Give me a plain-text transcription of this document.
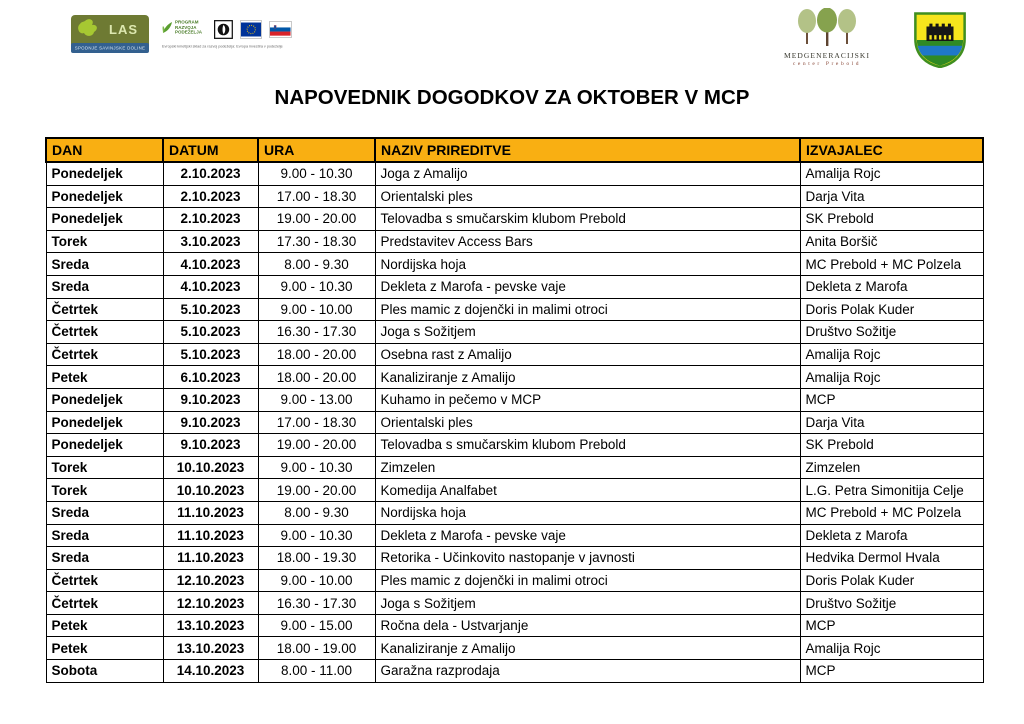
LAS
SPODNJE SAVINJSKE DOLINE
PROGRAM RAZVOJA PODEŽELJA
Evropski kmetijski sklad za razvoj podeželja: Evropa investira v podeželje
MEDGENERACIJSKI
center Prebold
NAPOVEDNIK DOGODKOV ZA OKTOBER V MCP
DAN	DATUM	URA	NAZIV PRIREDITVE	IZVAJALEC
Ponedeljek	2.10.2023	9.00 - 10.30	Joga z Amalijo	Amalija Rojc
Ponedeljek	2.10.2023	17.00 - 18.30	Orientalski ples	Darja Vita
Ponedeljek	2.10.2023	19.00 - 20.00	Telovadba s smučarskim klubom Prebold	SK Prebold
Torek	3.10.2023	17.30 - 18.30	Predstavitev Access Bars	Anita Boršič
Sreda	4.10.2023	8.00 - 9.30	Nordijska hoja	MC Prebold + MC Polzela
Sreda	4.10.2023	9.00 - 10.30	Dekleta z Marofa - pevske vaje	Dekleta z Marofa
Četrtek	5.10.2023	9.00 - 10.00	Ples mamic z dojenčki in malimi otroci	Doris Polak Kuder
Četrtek	5.10.2023	16.30 - 17.30	Joga s Sožitjem	Društvo Sožitje
Četrtek	5.10.2023	18.00 - 20.00	Osebna rast z Amalijo	Amalija Rojc
Petek	6.10.2023	18.00 - 20.00	Kanaliziranje z Amalijo	Amalija Rojc
Ponedeljek	9.10.2023	9.00 - 13.00	Kuhamo in pečemo v MCP	MCP
Ponedeljek	9.10.2023	17.00 - 18.30	Orientalski ples	Darja Vita
Ponedeljek	9.10.2023	19.00 - 20.00	Telovadba s smučarskim klubom Prebold	SK Prebold
Torek	10.10.2023	9.00 - 10.30	Zimzelen	Zimzelen
Torek	10.10.2023	19.00 - 20.00	Komedija Analfabet	L.G. Petra Simonitija Celje
Sreda	11.10.2023	8.00 - 9.30	Nordijska hoja	MC Prebold + MC Polzela
Sreda	11.10.2023	9.00 - 10.30	Dekleta z Marofa - pevske vaje	Dekleta z Marofa
Sreda	11.10.2023	18.00 - 19.30	Retorika - Učinkovito nastopanje v javnosti	Hedvika Dermol Hvala
Četrtek	12.10.2023	9.00 - 10.00	Ples mamic z dojenčki in malimi otroci	Doris Polak Kuder
Četrtek	12.10.2023	16.30 - 17.30	Joga s Sožitjem	Društvo Sožitje
Petek	13.10.2023	9.00 - 15.00	Ročna dela - Ustvarjanje	MCP
Petek	13.10.2023	18.00 - 19.00	Kanaliziranje z Amalijo	Amalija Rojc
Sobota	14.10.2023	8.00 - 11.00	Garažna razprodaja	MCP
